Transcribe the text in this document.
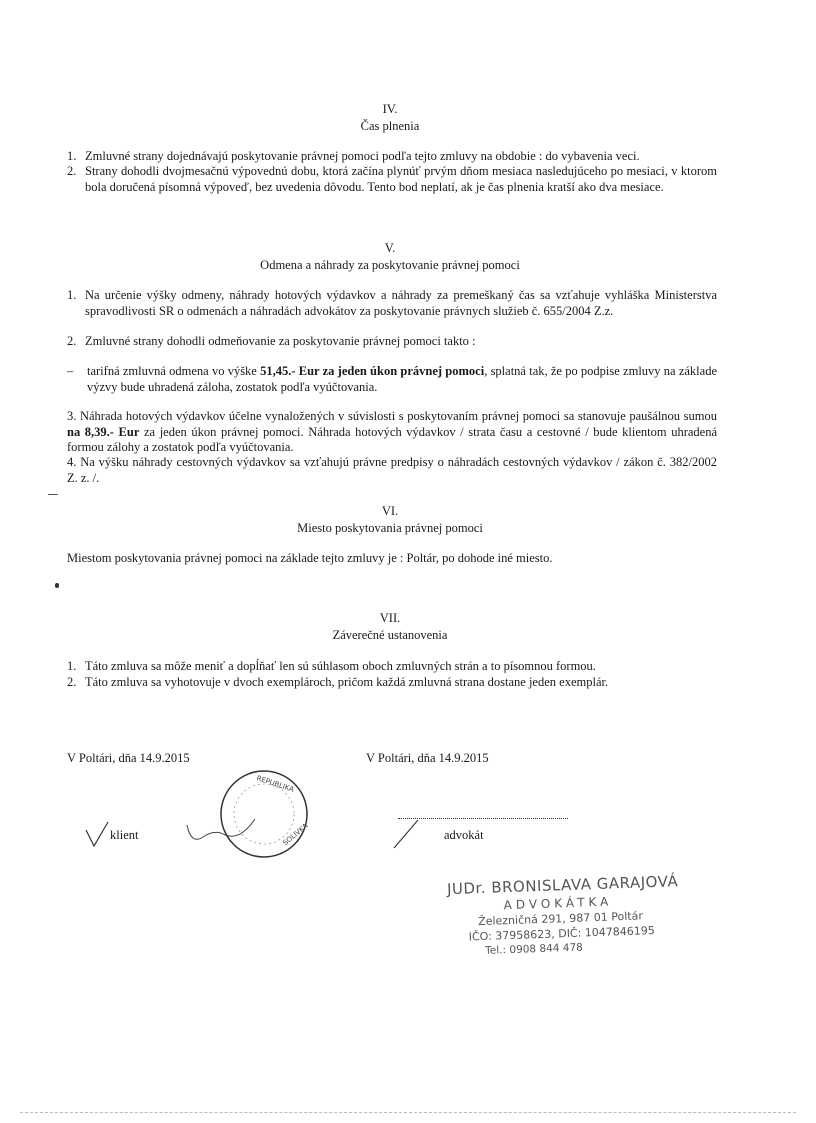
IV.
Čas plnenia
1. Zmluvné strany dojednávajú poskytovanie právnej pomoci podľa tejto zmluvy na obdobie : do vybavenia veci.
2. Strany dohodli dvojmesačnú výpovednú dobu, ktorá začína plynúť prvým dňom mesiaca nasledujúceho po mesiaci, v ktorom bola doručená písomná výpoveď, bez uvedenia dôvodu. Tento bod neplatí, ak je čas plnenia kratší ako dva mesiace.
V.
Odmena a náhrady za poskytovanie právnej pomoci
1. Na určenie výšky odmeny, náhrady hotových výdavkov a náhrady za premeškaný čas sa vzťahuje vyhláška Ministerstva spravodlivosti SR o odmenách a náhradách advokátov za poskytovanie právnych služieb č. 655/2004 Z.z.
2. Zmluvné strany dohodli odmeňovanie za poskytovanie právnej pomoci takto :
– tarifná zmluvná odmena vo výške 51,45.- Eur za jeden úkon právnej pomoci, splatná tak, že po podpise zmluvy na základe výzvy bude uhradená záloha, zostatok podľa vyúčtovania.
3. Náhrada hotových výdavkov účelne vynaložených v súvislosti s poskytovaním právnej pomoci sa stanovuje paušálnou sumou na 8,39.- Eur za jeden úkon právnej pomoci. Náhrada hotových výdavkov / strata času a cestovné / bude klientom uhradená formou zálohy a zostatok podľa vyúčtovania.
4. Na výšku náhrady cestovných výdavkov sa vzťahujú právne predpisy o náhradách cestovných výdavkov / zákon č. 382/2002 Z. z. /.
VI.
Miesto poskytovania právnej pomoci
Miestom poskytovania právnej pomoci na základe tejto zmluvy je : Poltár, po dohode iné miesto.
VII.
Záverečné ustanovenia
1. Táto zmluva sa môže meniť a dopĺňať len sú súhlasom oboch zmluvných strán a to písomnou formou.
2. Táto zmluva sa vyhotovuje v dvoch exemplároch, pričom každá zmluvná strana dostane jeden exemplár.
V Poltári, dňa 14.9.2015	V Poltári, dňa 14.9.2015
klient
REPUBLIKA
SOLIVKA	advokát
JUDr. BRONISLAVA GARAJOVÁ
ADVOKÁTKA
Železničná 291, 987 01 Poltár
IČO: 37958623, DIČ: 1047846195
Tel.: 0908 844 478
